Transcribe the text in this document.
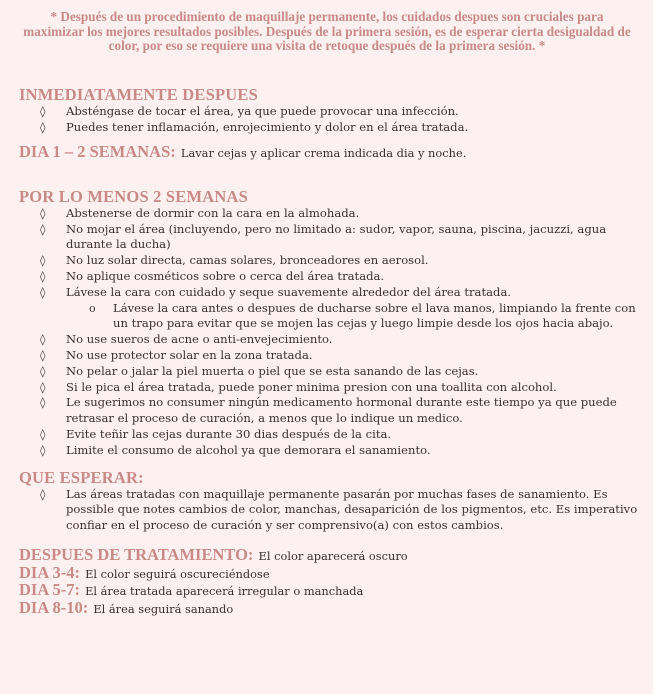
* Después de un procedimiento de maquillaje permanente, los cuidados despues son cruciales para maximizar los mejores resultados posibles. Después de la primera sesión, es de esperar cierta desigualdad de color, por eso se requiere una visita de retoque después de la primera sesión. *

INMEDIATAMENTE DESPUES
◊ Absténgase de tocar el área, ya que puede provocar una infección.
◊ Puedes tener inflamación, enrojecimiento y dolor en el área tratada.
DIA 1 – 2 SEMANAS: Lavar cejas y aplicar crema indicada dia y noche.
POR LO MENOS 2 SEMANAS
◊ Abstenerse de dormir con la cara en la almohada.
◊ No mojar el área (incluyendo, pero no limitado a: sudor, vapor, sauna, piscina, jacuzzi, agua durante la ducha)
◊ No luz solar directa, camas solares, bronceadores en aerosol.
◊ No aplique cosméticos sobre o cerca del área tratada.
◊ Lávese la cara con cuidado y seque suavemente alrededor del área tratada.
o Lávese la cara antes o despues de ducharse sobre el lava manos, limpiando la frente con un trapo para evitar que se mojen las cejas y luego limpie desde los ojos hacia abajo.
◊ No use sueros de acne o anti-envejecimiento.
◊ No use protector solar en la zona tratada.
◊ No pelar o jalar la piel muerta o piel que se esta sanando de las cejas.
◊ Si le pica el área tratada, puede poner minima presion con una toallita con alcohol.
◊ Le sugerimos no consumer ningún medicamento hormonal durante este tiempo ya que puede retrasar el proceso de curación, a menos que lo indique un medico.
◊ Evite teñir las cejas durante 30 dias después de la cita.
◊ Limite el consumo de alcohol ya que demorara el sanamiento.
QUE ESPERAR:
◊ Las áreas tratadas con maquillaje permanente pasarán por muchas fases de sanamiento. Es possible que notes cambios de color, manchas, desaparición de los pigmentos, etc. Es imperativo confiar en el proceso de curación y ser comprensivo(a) con estos cambios.
DESPUES DE TRATAMIENTO: El color aparecerá oscuro
DIA 3-4: El color seguirá oscureciéndose
DIA 5-7: El área tratada aparecerá irregular o manchada
DIA 8-10: El área seguirá sanando
